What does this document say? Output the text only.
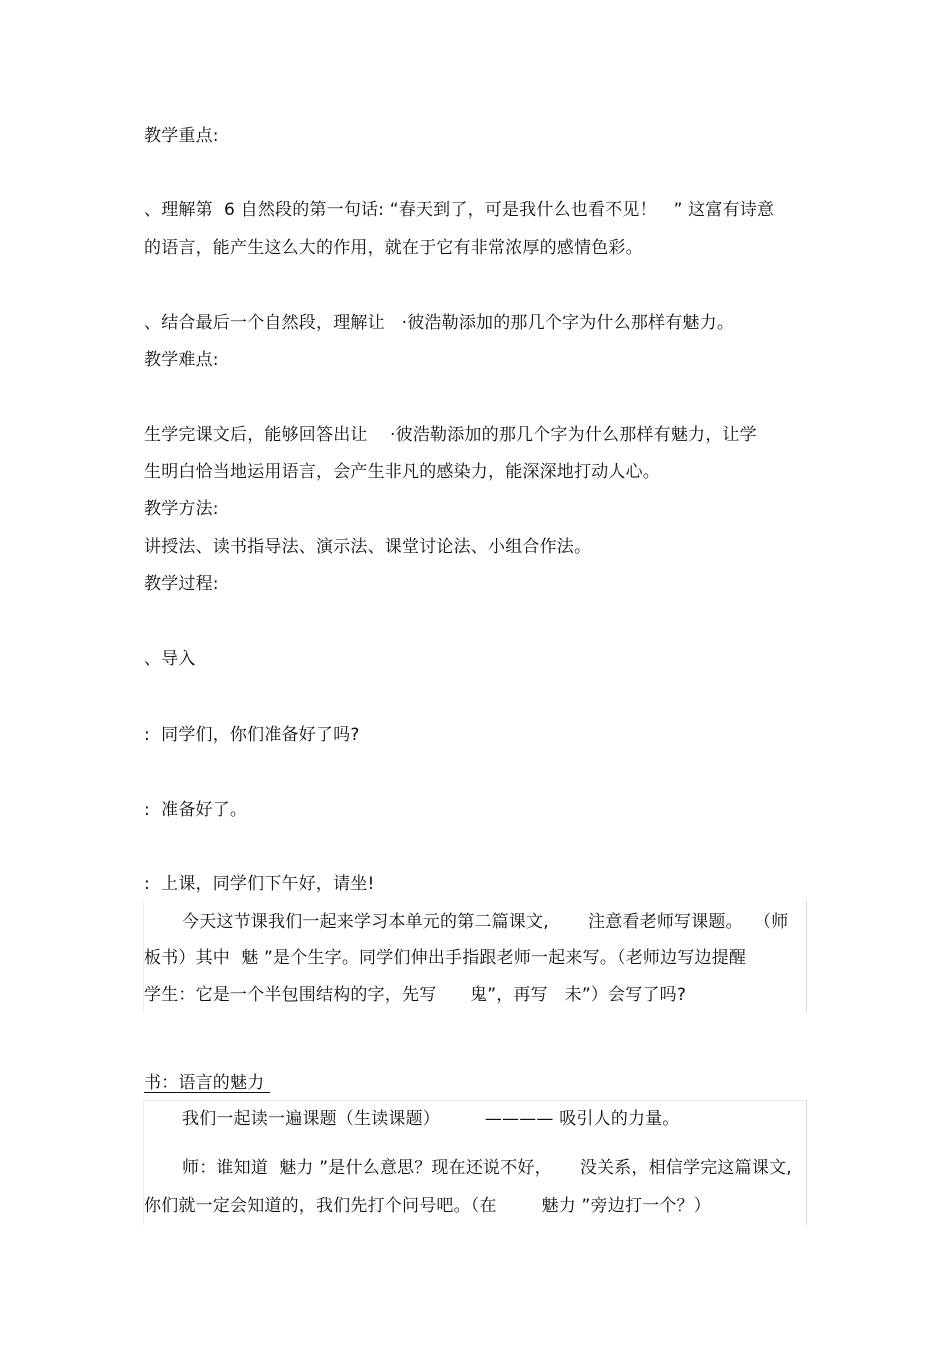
教学重点:
、理解第  6 自然段的第一句话: “春天到了，可是我什么也看不见！   ” 这富有诗意
的语言，能产生这么大的作用，就在于它有非常浓厚的感情色彩。
、结合最后一个自然段，理解让   ·彼浩勒添加的那几个字为什么那样有魅力。
教学难点:
生学完课文后，能够回答出让    ·彼浩勒添加的那几个字为什么那样有魅力，让学
生明白恰当地运用语言，会产生非凡的感染力，能深深地打动人心。
教学方法:
讲授法、读书指导法、演示法、课堂讨论法、小组合作法。
教学过程:
、导入
:  同学们，你们准备好了吗?
:  准备好了。
:  上课，同学们下午好，请坐!
今天这节课我们一起来学习本单元的第二篇课文,       注意看老师写课题。  （师
板书）其中  魅 ”是个生字。同学们伸出手指跟老师一起来写。（老师边写边提醒
学生：它是一个半包围结构的字，先写      鬼”，再写   未”）会写了吗?
书：语言的魅力
我们一起读一遍课题（生读课题）        ———— 吸引人的力量。
师：谁知道  魅力 ”是什么意思？现在还说不好，     没关系，相信学完这篇课文,
你们就一定会知道的，我们先打个问号吧。（在        魅力 ”旁边打一个？）
